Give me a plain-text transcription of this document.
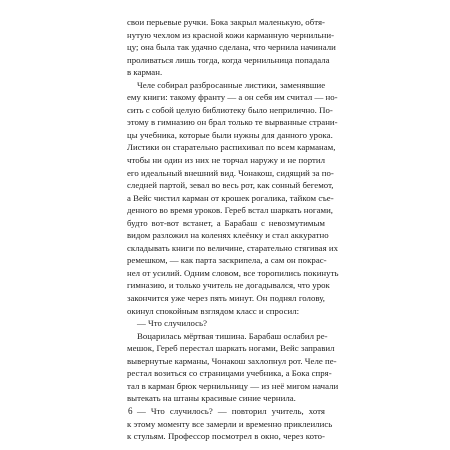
свои перьевые ручки. Бока закрыл маленькую, обтя-
нутую чехлом из красной кожи карманную чернильни-
цу; она была так удачно сделана, что чернила начинали
проливаться лишь тогда, когда чернильница попадала
в карман.
Челе собирал разбросанные листики, заменявшие
ему книги: такому франту — а он себя им считал — но-
сить с собой целую библиотеку было неприлично. По-
этому в гимназию он брал только те вырванные страни-
цы учебника, которые были нужны для данного урока.
Листики он старательно распихивал по всем карманам,
чтобы ни один из них не торчал наружу и не портил
его идеальный внешний вид. Чонакош, сидящий за по-
следней партой, зевал во весь рот, как сонный бегемот,
а Вейс чистил карман от крошек рогалика, тайком съе-
денного во время уроков. Гереб встал шаркать ногами,
будто вот-вот встанет, а Барабаш с невозмутимым
видом разложил на коленях клеёнку и стал аккуратно
складывать книги по величине, старательно стягивая их
ремешком, — как парта заскрипела, а сам он покрас-
нел от усилий. Одним словом, все торопились покинуть
гимназию, и только учитель не догадывался, что урок
закончится уже через пять минут. Он поднял голову,
окинул спокойным взглядом класс и спросил:
— Что случилось?
Воцарилась мёртвая тишина. Барабаш ослабил ре-
мешок, Гереб перестал шаркать ногами, Вейс заправил
вывернутые карманы, Чонакош захлопнул рот. Челе пе-
рестал возиться со страницами учебника, а Бока спря-
тал в карман брюк чернильницу — из неё мигом начали
вытекать на штаны красивые синие чернила.
— Что случилось? — повторил учитель, хотя
к этому моменту все замерли и временно приклеились
к стульям. Профессор посмотрел в окно, через кото-
6
